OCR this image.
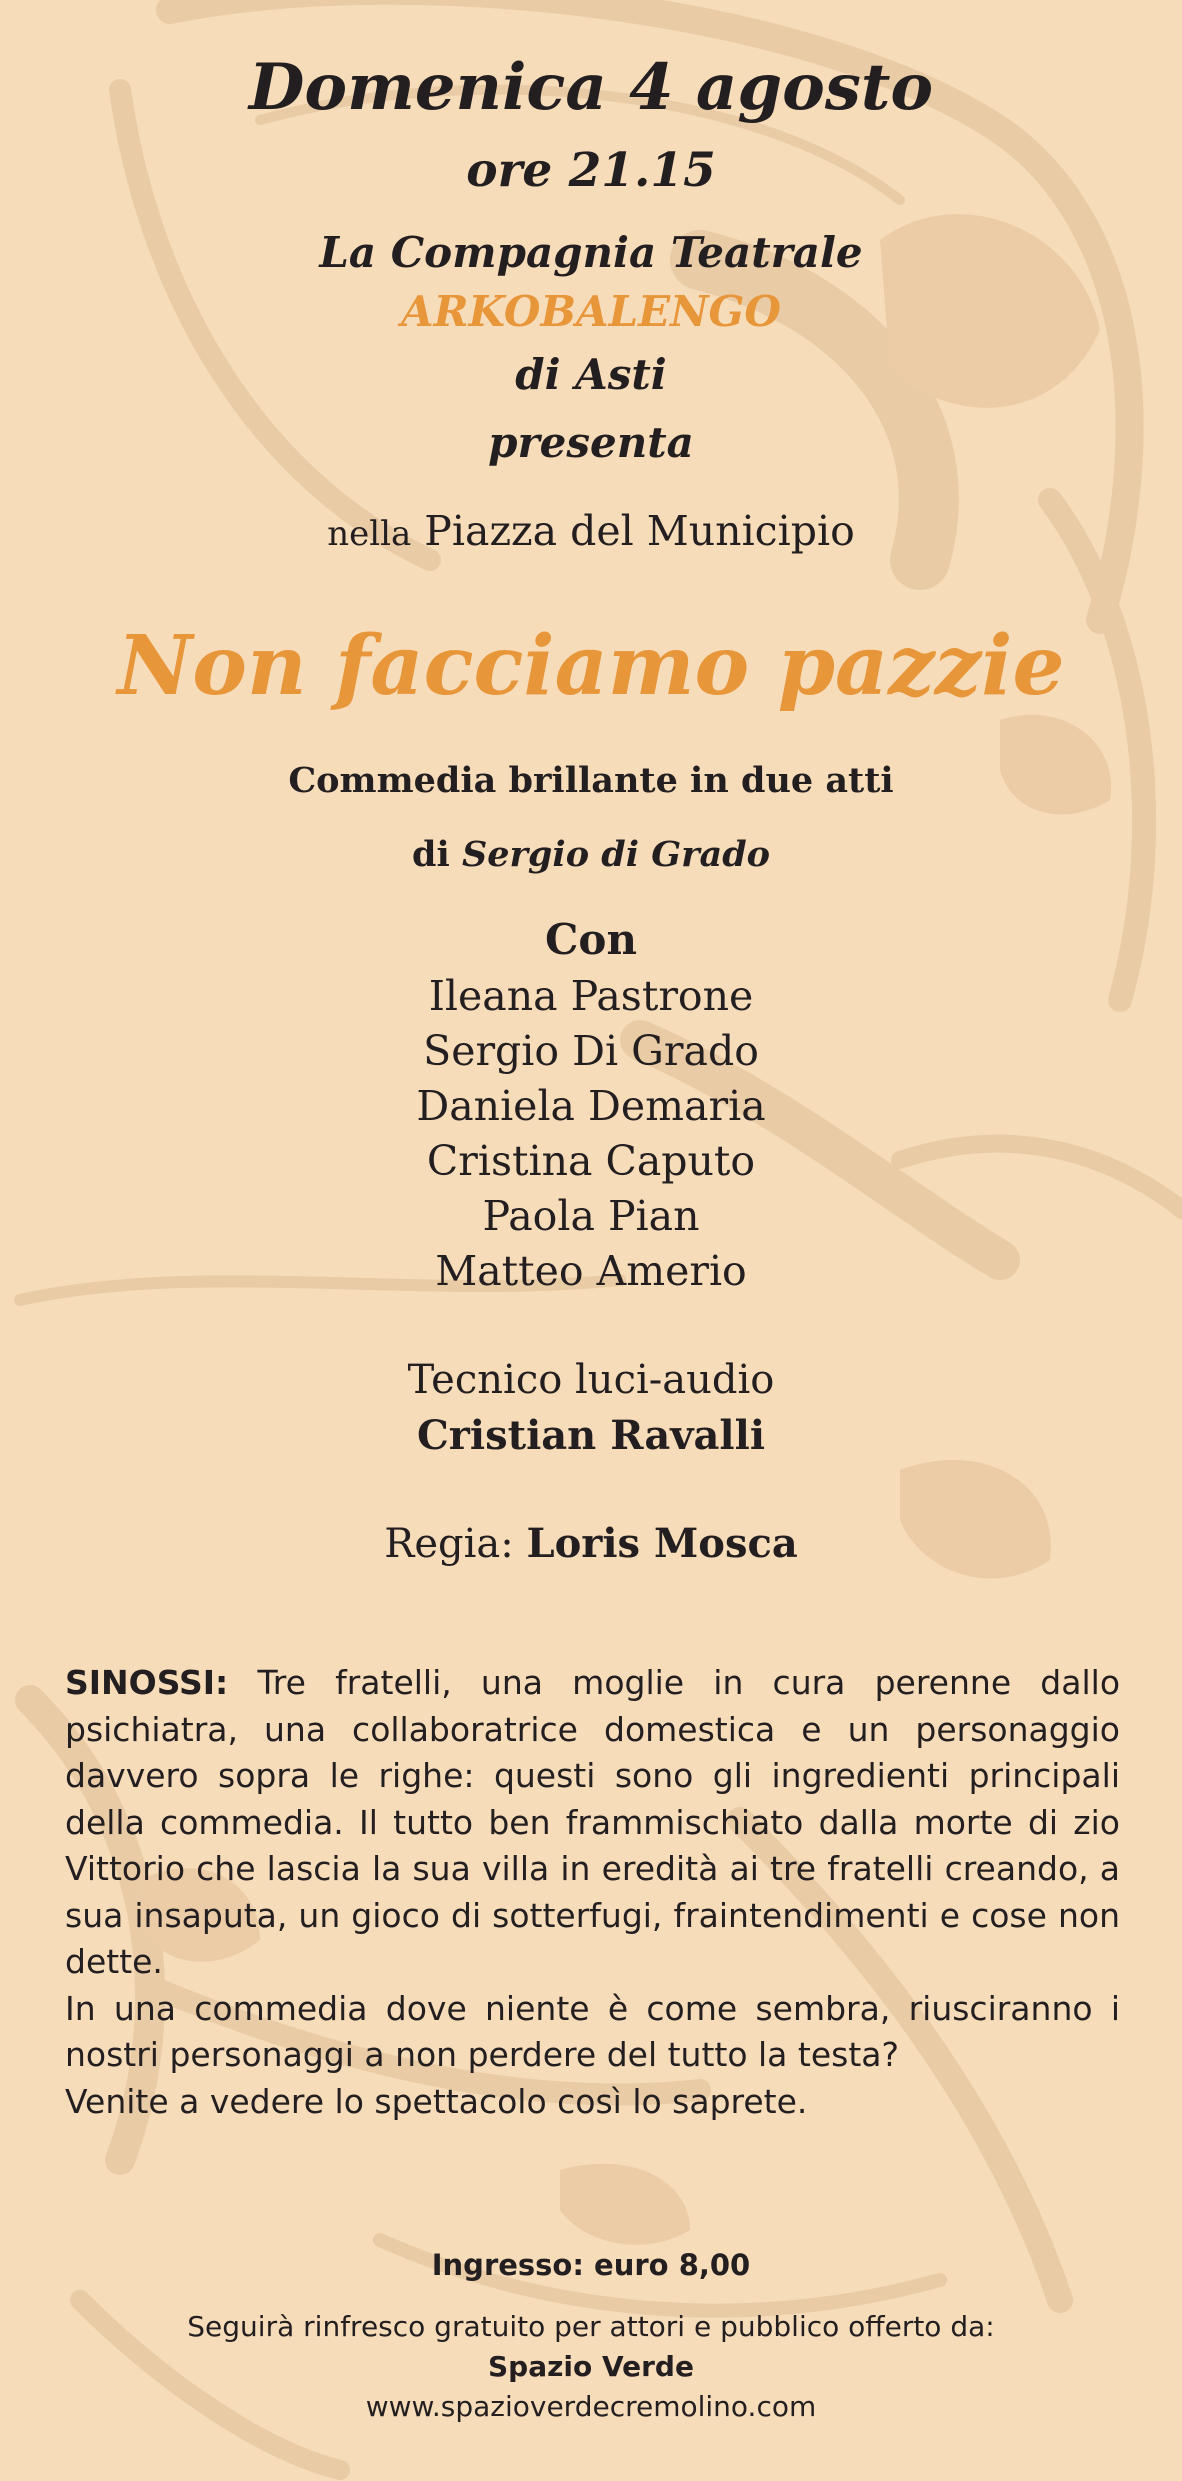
Domenica 4 agosto
ore 21.15
La Compagnia Teatrale
ARKOBALENGO
di Asti
presenta
nella Piazza del Municipio
Non facciamo pazzie
Commedia brillante in due atti
di Sergio di Grado
Con
Ileana Pastrone
Sergio Di Grado
Daniela Demaria
Cristina Caputo
Paola Pian
Matteo Amerio
Tecnico luci-audio
Cristian Ravalli
Regia: Loris Mosca

SINOSSI: Tre fratelli, una moglie in cura perenne dallo psichiatra, una collaboratrice domestica e un personaggio davvero sopra le righe: questi sono gli ingredienti principali della commedia. Il tutto ben frammischiato dalla morte di zio Vittorio che lascia la sua villa in eredità ai tre fratelli creando, a sua insaputa, un gioco di sotterfugi, fraintendimenti e cose non dette.

In una commedia dove niente è come sembra, riusciranno i nostri personaggi a non perdere del tutto la testa?

Venite a vedere lo spettacolo così lo saprete.

Ingresso: euro 8,00
Seguirà rinfresco gratuito per attori e pubblico offerto da:
Spazio Verde
www.spazioverdecremolino.com
